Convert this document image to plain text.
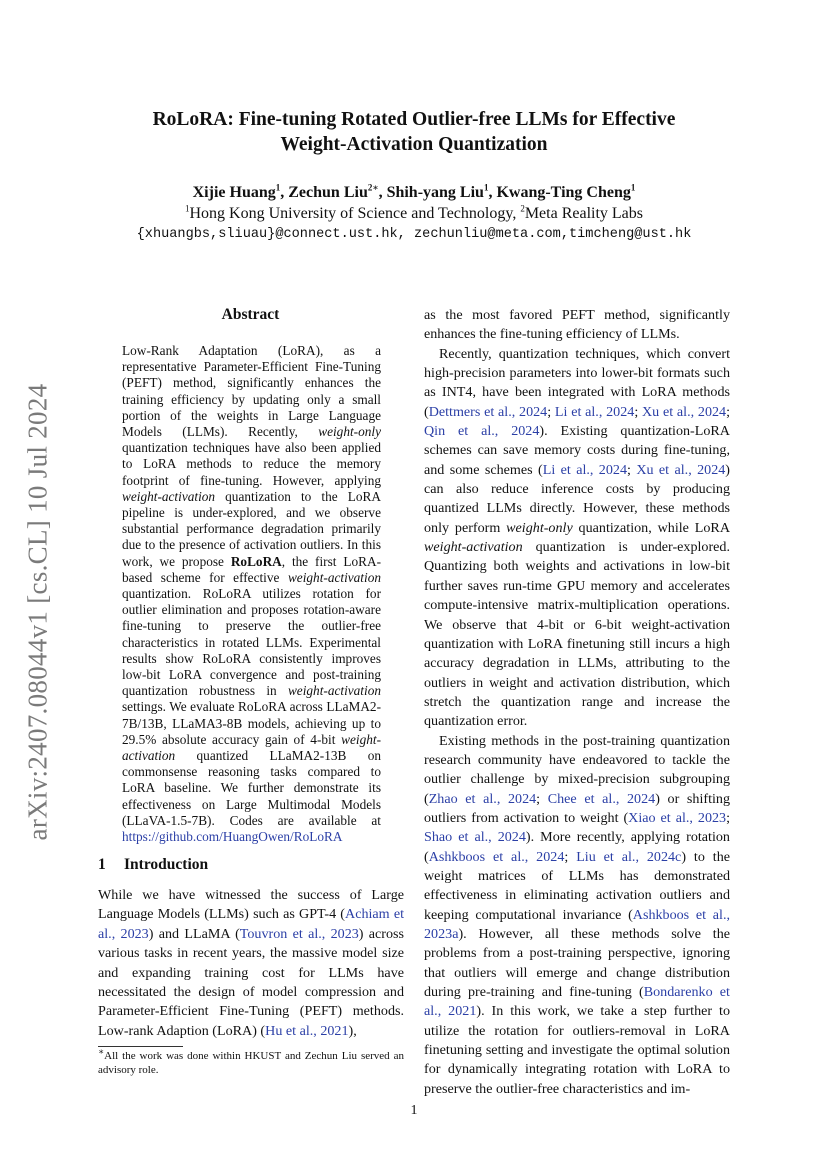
arXiv:2407.08044v1 [cs.CL] 10 Jul 2024
RoLoRA: Fine-tuning Rotated Outlier-free LLMs for Effective
Weight-Activation Quantization
Xijie Huang$^1$, Zechun Liu$^{2∗}$, Shih-yang Liu$^1$, Kwang-Ting Cheng$^1$
$^1$Hong Kong University of Science and Technology, $^2$Meta Reality Labs
{xhuangbs,sliuau}@connect.ust.hk, zechunliu@meta.com,timcheng@ust.hk
Abstract

Low-Rank Adaptation (LoRA), as a representative Parameter-Efficient Fine-Tuning (PEFT) method, significantly enhances the training efficiency by updating only a small portion of the weights in Large Language Models (LLMs). Recently, weight-only quantization techniques have also been applied to LoRA methods to reduce the memory footprint of fine-tuning. However, applying weight-activation quantization to the LoRA pipeline is under-explored, and we observe substantial performance degradation primarily due to the presence of activation outliers. In this work, we propose RoLoRA, the first LoRA-based scheme for effective weight-activation quantization. RoLoRA utilizes rotation for outlier elimination and proposes rotation-aware fine-tuning to preserve the outlier-free characteristics in rotated LLMs. Experimental results show RoLoRA consistently improves low-bit LoRA convergence and post-training quantization robustness in weight-activation settings. We evaluate RoLoRA across LLaMA2-7B/13B, LLaMA3-8B models, achieving up to 29.5% absolute accuracy gain of 4-bit weight-activation quantized LLaMA2-13B on commonsense reasoning tasks compared to LoRA baseline. We further demonstrate its effectiveness on Large Multimodal Models (LLaVA-1.5-7B). Codes are available at https://github.com/HuangOwen/RoLoRA

1 Introduction

While we have witnessed the success of Large Language Models (LLMs) such as GPT-4 (Achiam et al., 2023) and LLaMA (Touvron et al., 2023) across various tasks in recent years, the massive model size and expanding training cost for LLMs have necessitated the design of model compression and Parameter-Efficient Fine-Tuning (PEFT) methods. Low-rank Adaption (LoRA) (Hu et al., 2021),

∗All the work was done within HKUST and Zechun Liu served an advisory role.

as the most favored PEFT method, significantly enhances the fine-tuning efficiency of LLMs.

Recently, quantization techniques, which convert high-precision parameters into lower-bit formats such as INT4, have been integrated with LoRA methods (Dettmers et al., 2024; Li et al., 2024; Xu et al., 2024; Qin et al., 2024). Existing quantization-LoRA schemes can save memory costs during fine-tuning, and some schemes (Li et al., 2024; Xu et al., 2024) can also reduce inference costs by producing quantized LLMs directly. However, these methods only perform weight-only quantization, while LoRA weight-activation quantization is under-explored. Quantizing both weights and activations in low-bit further saves run-time GPU memory and accelerates compute-intensive matrix-multiplication operations. We observe that 4-bit or 6-bit weight-activation quantization with LoRA finetuning still incurs a high accuracy degradation in LLMs, attributing to the outliers in weight and activation distribution, which stretch the quantization range and increase the quantization error.

Existing methods in the post-training quantization research community have endeavored to tackle the outlier challenge by mixed-precision subgrouping (Zhao et al., 2024; Chee et al., 2024) or shifting outliers from activation to weight (Xiao et al., 2023; Shao et al., 2024). More recently, applying rotation (Ashkboos et al., 2024; Liu et al., 2024c) to the weight matrices of LLMs has demonstrated effectiveness in eliminating activation outliers and keeping computational invariance (Ashkboos et al., 2023a). However, all these methods solve the problems from a post-training perspective, ignoring that outliers will emerge and change distribution during pre-training and fine-tuning (Bondarenko et al., 2021). In this work, we take a step further to utilize the rotation for outliers-removal in LoRA finetuning setting and investigate the optimal solution for dynamically integrating rotation with LoRA to preserve the outlier-free characteristics and im-

1
